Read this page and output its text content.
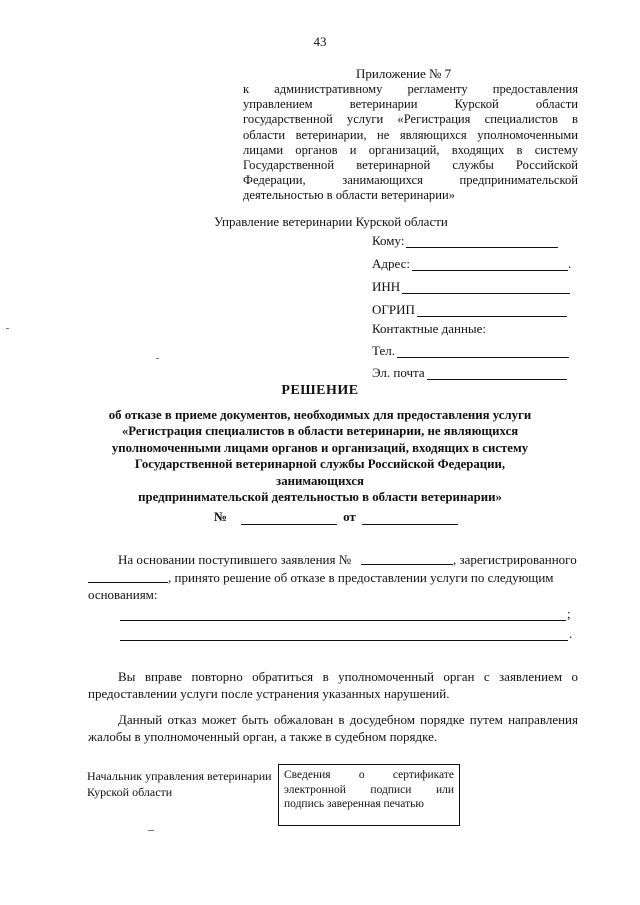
43
Приложение № 7
к административному регламенту предоставления
управлением ветеринарии Курской области
государственной услуги «Регистрация специалистов в
области ветеринарии, не являющихся уполномоченными
лицами органов и организаций, входящих в систему
Государственной ветеринарной службы Российской
Федерации, занимающихся предпринимательской
деятельностью в области ветеринарии»
Управление ветеринарии Курской области
Кому:
Адрес:	.
ИНН
ОГРИП
Контактные данные:
Тел.
Эл. почта
РЕШЕНИЕ
об отказе в приеме документов, необходимых для предоставления услуги
«Регистрация специалистов в области ветеринарии, не являющихся
уполномоченными лицами органов и организаций, входящих в систему
Государственной ветеринарной службы Российской Федерации, занимающихся
предпринимательской деятельностью в области ветеринарии»
№	от
На основании поступившего заявления №	, зарегистрированного
, принято решение об отказе в предоставлении услуги по следующим
основаниям:
;
.
Вы вправе повторно обратиться в уполномоченный орган с заявлением о
предоставлении услуги после устранения указанных нарушений.
Данный отказ может быть обжалован в досудебном порядке путем направления
жалобы в уполномоченный орган, а также в судебном порядке.
Начальник управления ветеринарии
Курской области
Сведения о сертификате
электронной подписи или
подпись заверенная печатью
